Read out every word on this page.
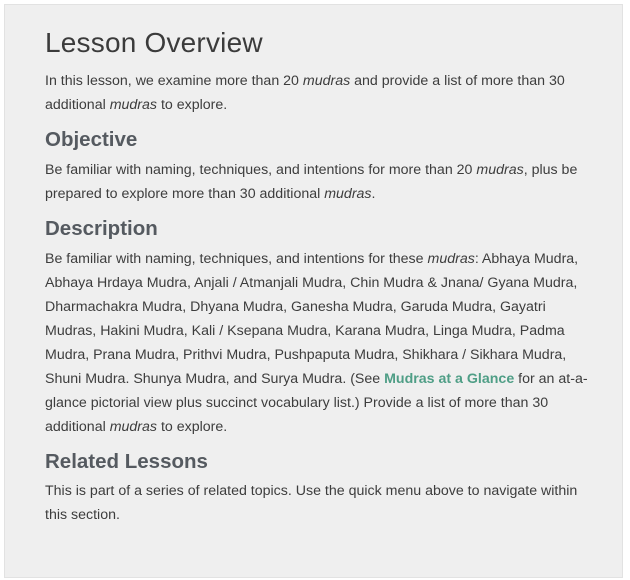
Lesson Overview

In this lesson, we examine more than 20 mudras and provide a list of more than 30 additional mudras to explore.

Objective

Be familiar with naming, techniques, and intentions for more than 20 mudras, plus be prepared to explore more than 30 additional mudras.

Description

Be familiar with naming, techniques, and intentions for these mudras: Abhaya Mudra, Abhaya Hrdaya Mudra, Anjali / Atmanjali Mudra, Chin Mudra & Jnana/ Gyana Mudra, Dharmachakra Mudra, Dhyana Mudra, Ganesha Mudra, Garuda Mudra, Gayatri Mudras, Hakini Mudra, Kali / Ksepana Mudra, Karana Mudra, Linga Mudra, Padma Mudra, Prana Mudra, Prithvi Mudra, Pushpaputa Mudra, Shikhara / Sikhara Mudra, Shuni Mudra. Shunya Mudra, and Surya Mudra. (See Mudras at a Glance for an at-a-glance pictorial view plus succinct vocabulary list.) Provide a list of more than 30 additional mudras to explore.

Related Lessons

This is part of a series of related topics. Use the quick menu above to navigate within this section.
